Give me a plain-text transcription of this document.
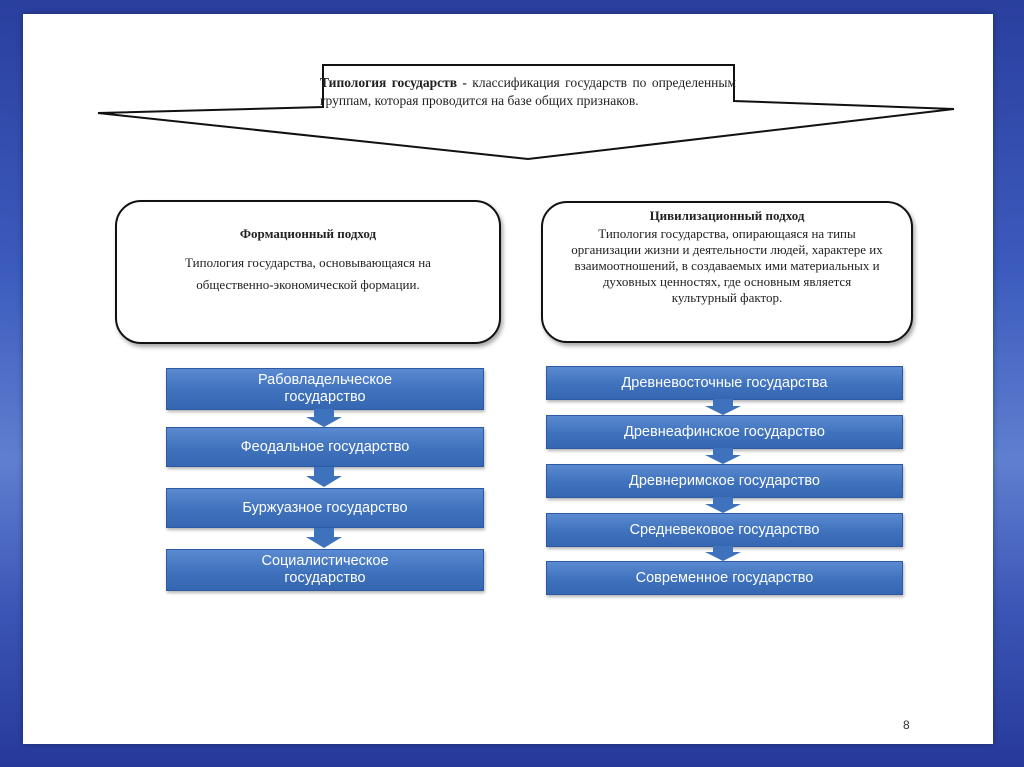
Типология государств - классификация государств по определенным группам, которая проводится на базе общих признаков.
Формационный подход
Типология государства, основывающаяся на общественно-экономической формации.
Цивилизационный подход
Типология государства, опирающаяся на типы организации жизни и деятельности людей, характере их взаимоотношений, в создаваемых ими материальных и духовных ценностях, где основным является культурный фактор.
Рабовладельческое
государство
Феодальное государство
Буржуазное государство
Социалистическое
государство
Древневосточные государства
Древнеафинское государство
Древнеримское государство
Средневековое государство
Современное государство
8
